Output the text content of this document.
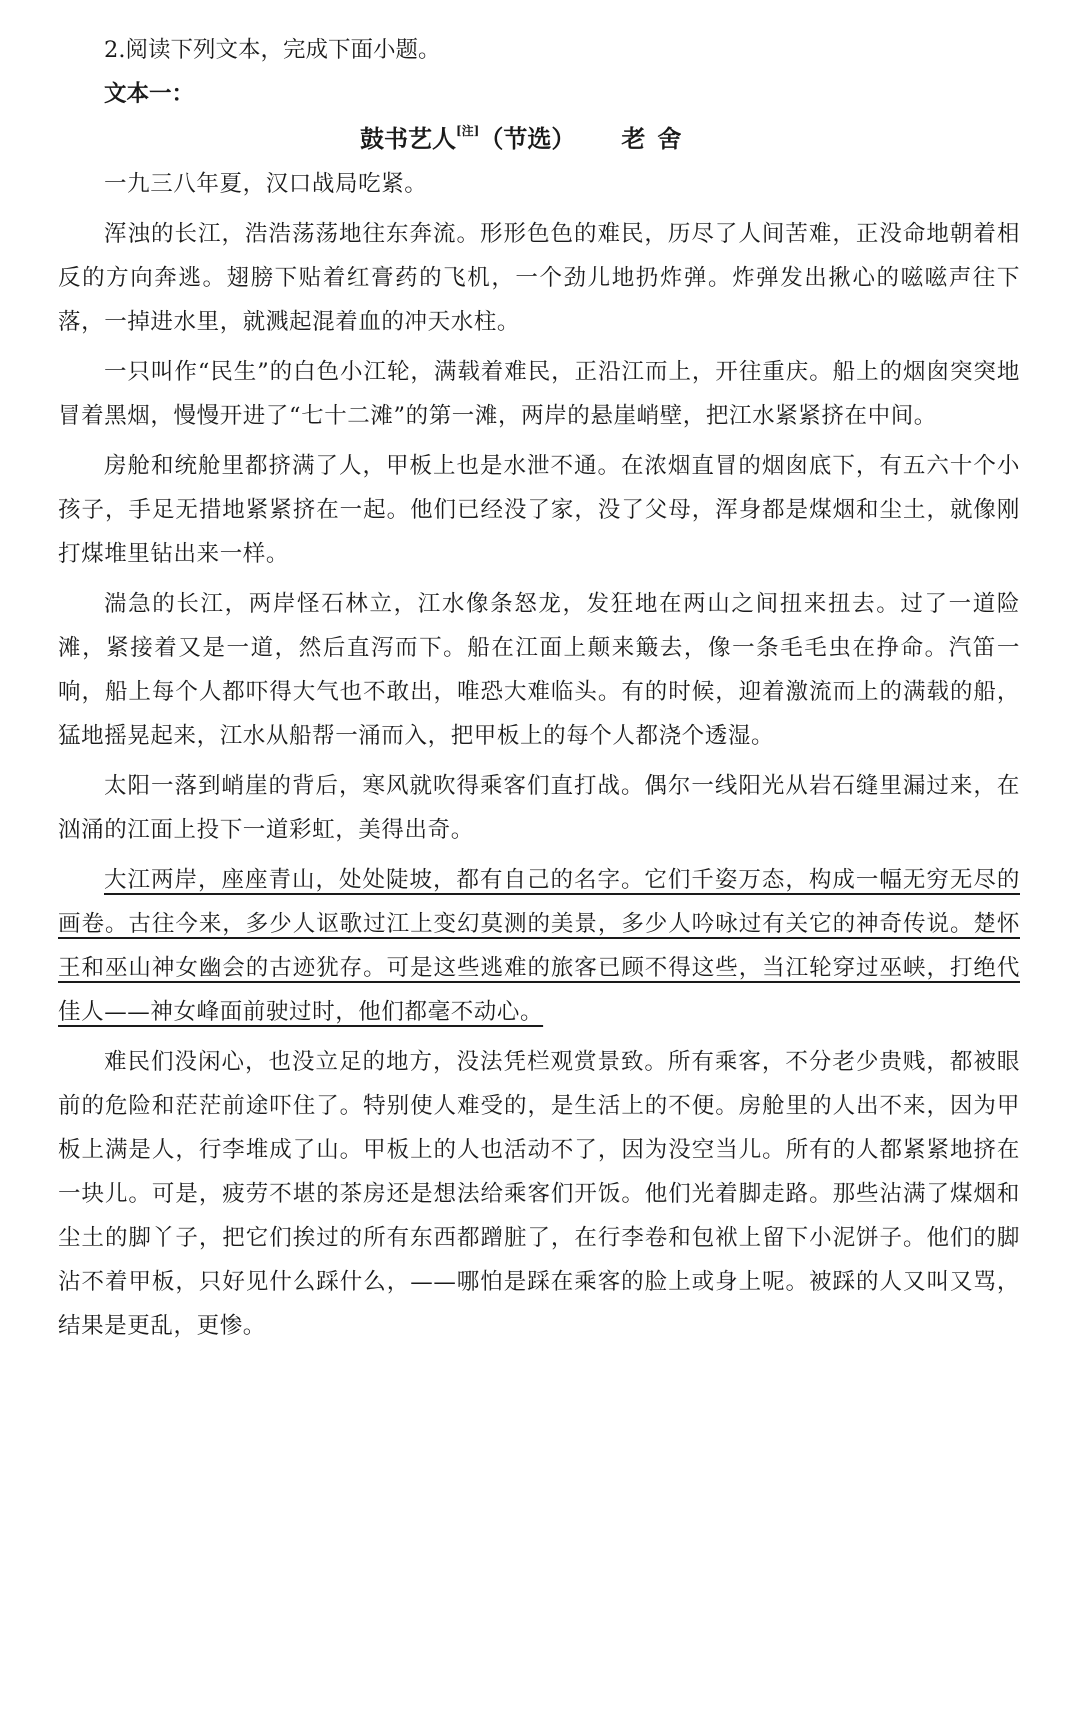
2.阅读下列文本，完成下面小题。

文本一：

鼓书艺人[注]（节选） 老舍

一九三八年夏，汉口战局吃紧。

浑浊的长江，浩浩荡荡地往东奔流。形形色色的难民，历尽了人间苦难，正没命地朝着相反的方向奔逃。翅膀下贴着红膏药的飞机，一个劲儿地扔炸弹。炸弹发出揪心的嗞嗞声往下落，一掉进水里，就溅起混着血的冲天水柱。

一只叫作“民生”的白色小江轮，满载着难民，正沿江而上，开往重庆。船上的烟囱突突地冒着黑烟，慢慢开进了“七十二滩”的第一滩，两岸的悬崖峭壁，把江水紧紧挤在中间。

房舱和统舱里都挤满了人，甲板上也是水泄不通。在浓烟直冒的烟囱底下，有五六十个小孩子，手足无措地紧紧挤在一起。他们已经没了家，没了父母，浑身都是煤烟和尘土，就像刚打煤堆里钻出来一样。

湍急的长江，两岸怪石林立，江水像条怒龙，发狂地在两山之间扭来扭去。过了一道险滩，紧接着又是一道，然后直泻而下。船在江面上颠来簸去，像一条毛毛虫在挣命。汽笛一响，船上每个人都吓得大气也不敢出，唯恐大难临头。有的时候，迎着激流而上的满载的船，猛地摇晃起来，江水从船帮一涌而入，把甲板上的每个人都浇个透湿。

太阳一落到峭崖的背后，寒风就吹得乘客们直打战。偶尔一线阳光从岩石缝里漏过来，在汹涌的江面上投下一道彩虹，美得出奇。

大江两岸，座座青山，处处陡坡，都有自己的名字。它们千姿万态，构成一幅无穷无尽的画卷。古往今来，多少人讴歌过江上变幻莫测的美景，多少人吟咏过有关它的神奇传说。楚怀王和巫山神女幽会的古迹犹存。可是这些逃难的旅客已顾不得这些，当江轮穿过巫峡，打绝代佳人——神女峰面前驶过时，他们都毫不动心。

难民们没闲心，也没立足的地方，没法凭栏观赏景致。所有乘客，不分老少贵贱，都被眼前的危险和茫茫前途吓住了。特别使人难受的，是生活上的不便。房舱里的人出不来，因为甲板上满是人，行李堆成了山。甲板上的人也活动不了，因为没空当儿。所有的人都紧紧地挤在一块儿。可是，疲劳不堪的茶房还是想法给乘客们开饭。他们光着脚走路。那些沾满了煤烟和尘土的脚丫子，把它们挨过的所有东西都蹭脏了，在行李卷和包袱上留下小泥饼子。他们的脚沾不着甲板，只好见什么踩什么，——哪怕是踩在乘客的脸上或身上呢。被踩的人又叫又骂，结果是更乱，更惨。
